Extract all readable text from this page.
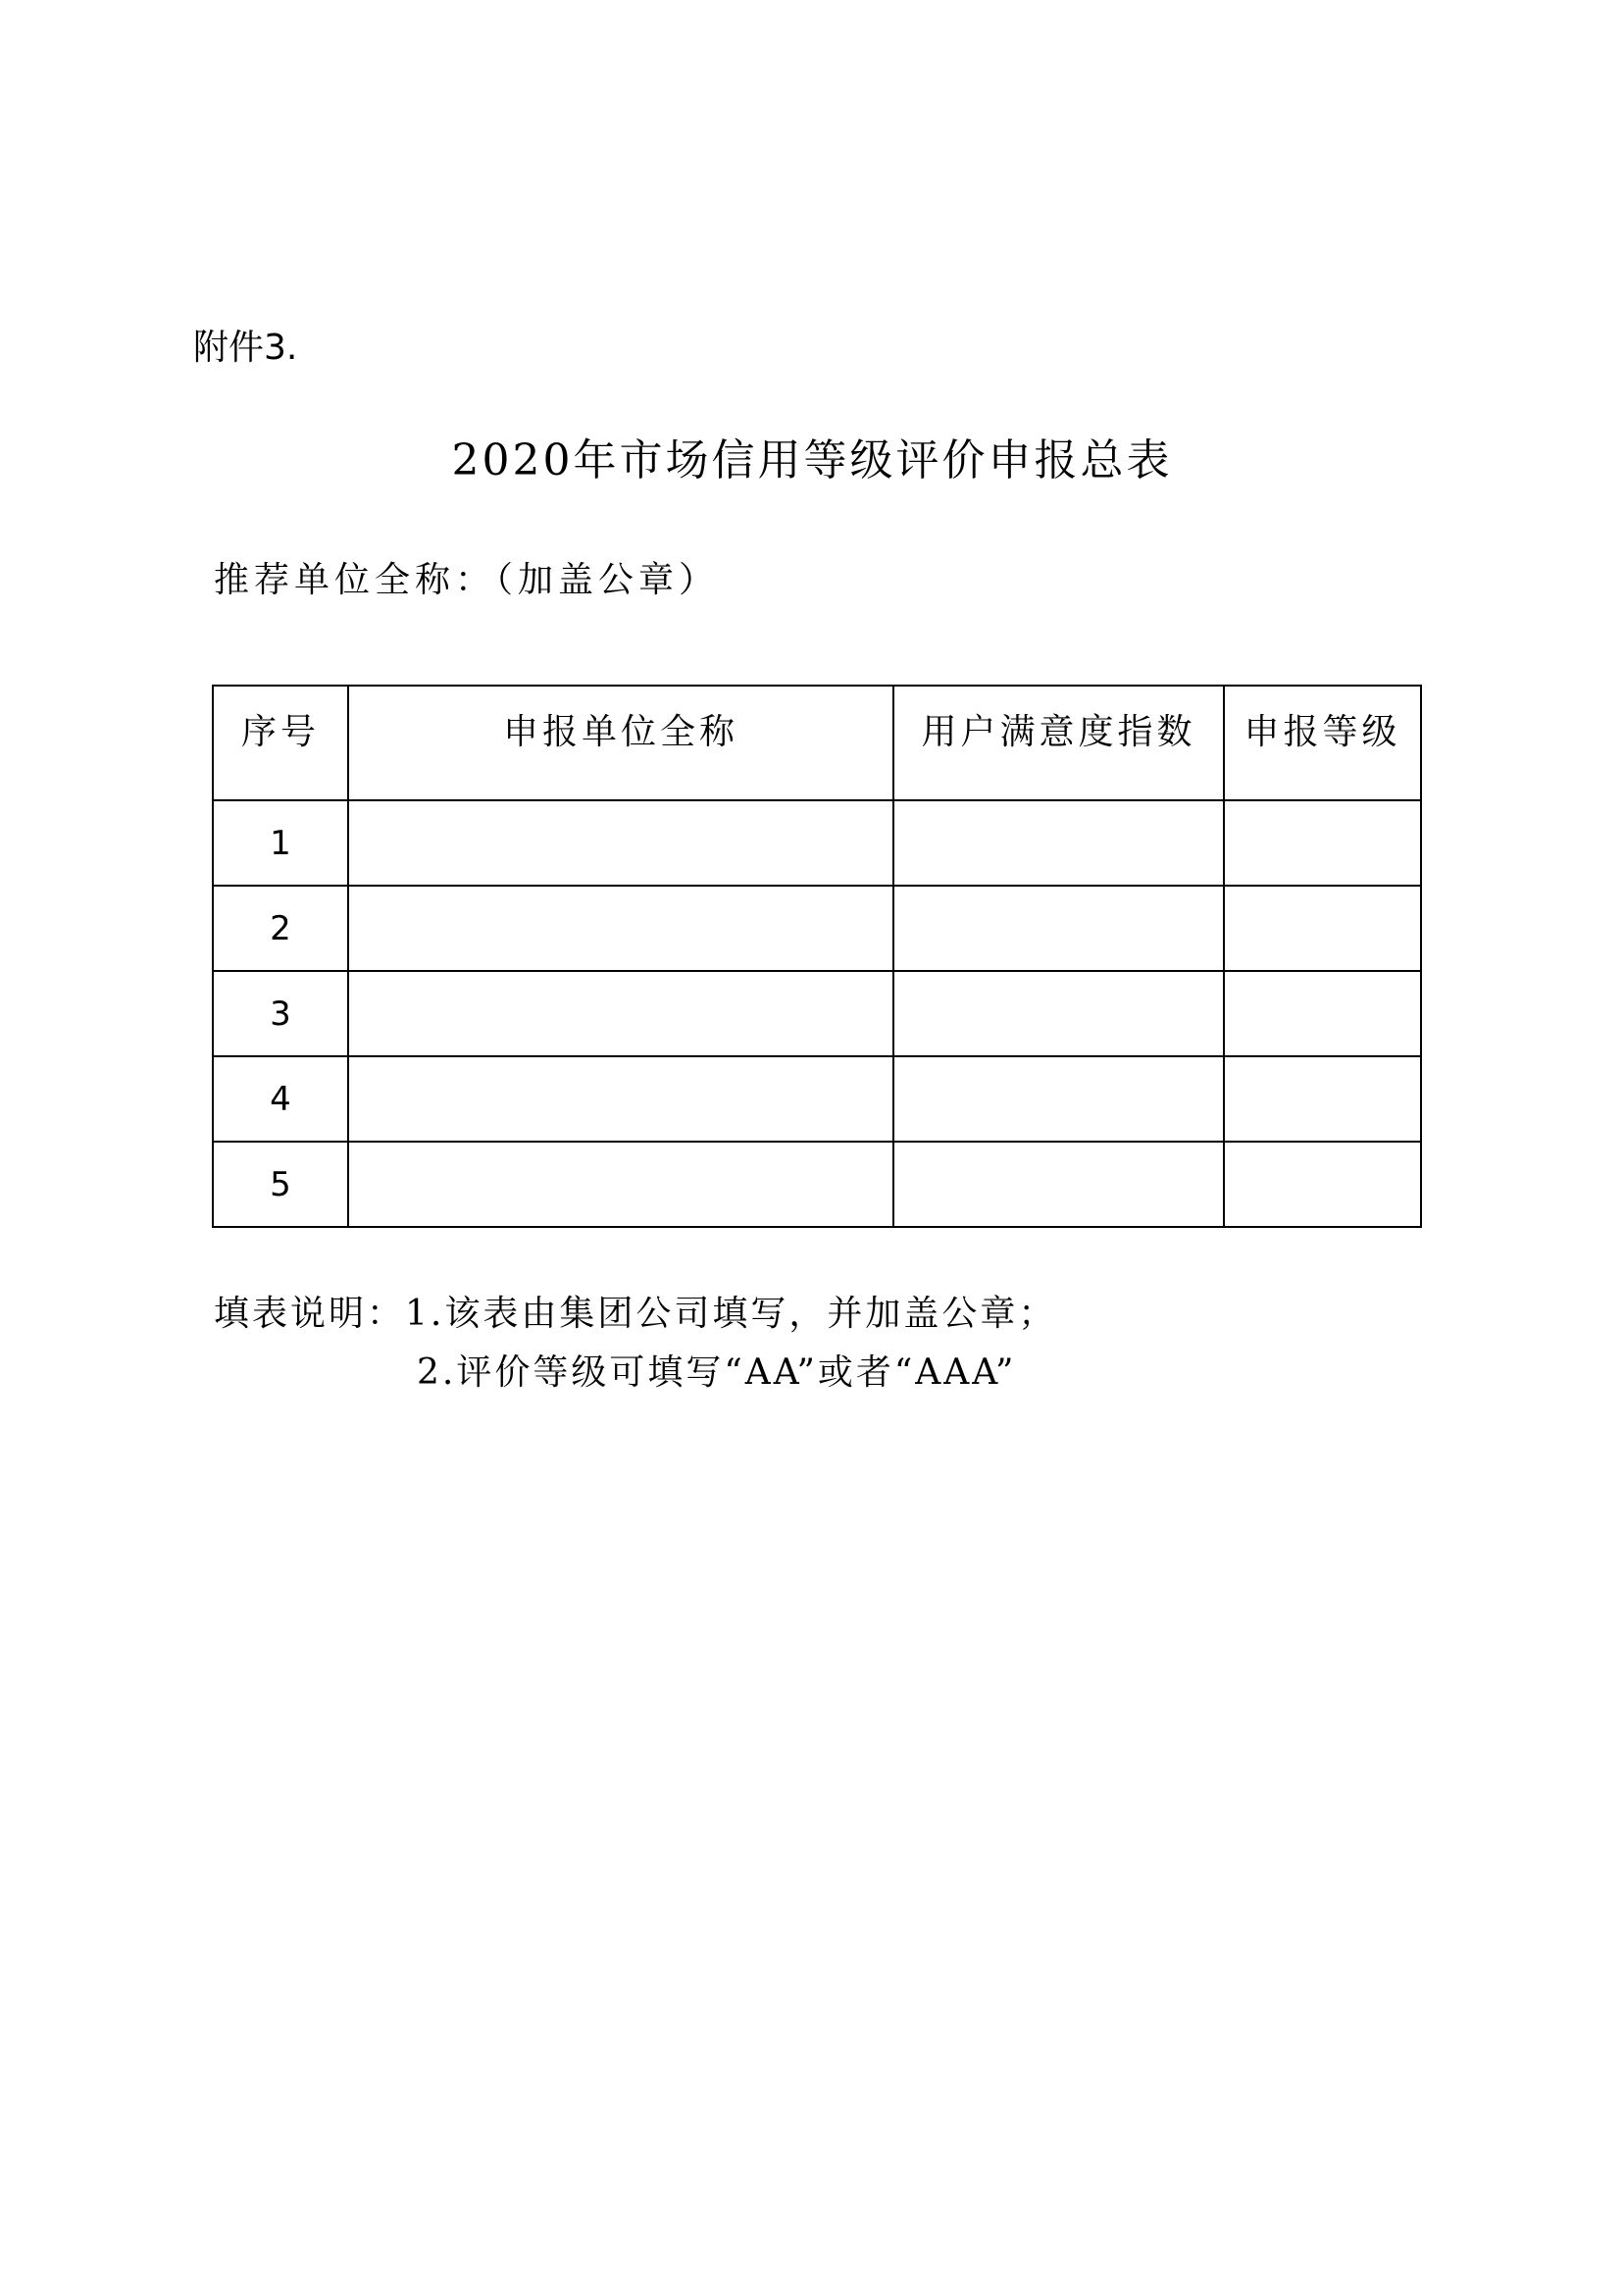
附件3.
2020年市场信用等级评价申报总表
推荐单位全称：（加盖公章）
序号	申报单位全称	用户满意度指数	申报等级
1			
2			
3			
4			
5			
填表说明：1.该表由集团公司填写，并加盖公章；
2.评价等级可填写“AA”或者“AAA”
